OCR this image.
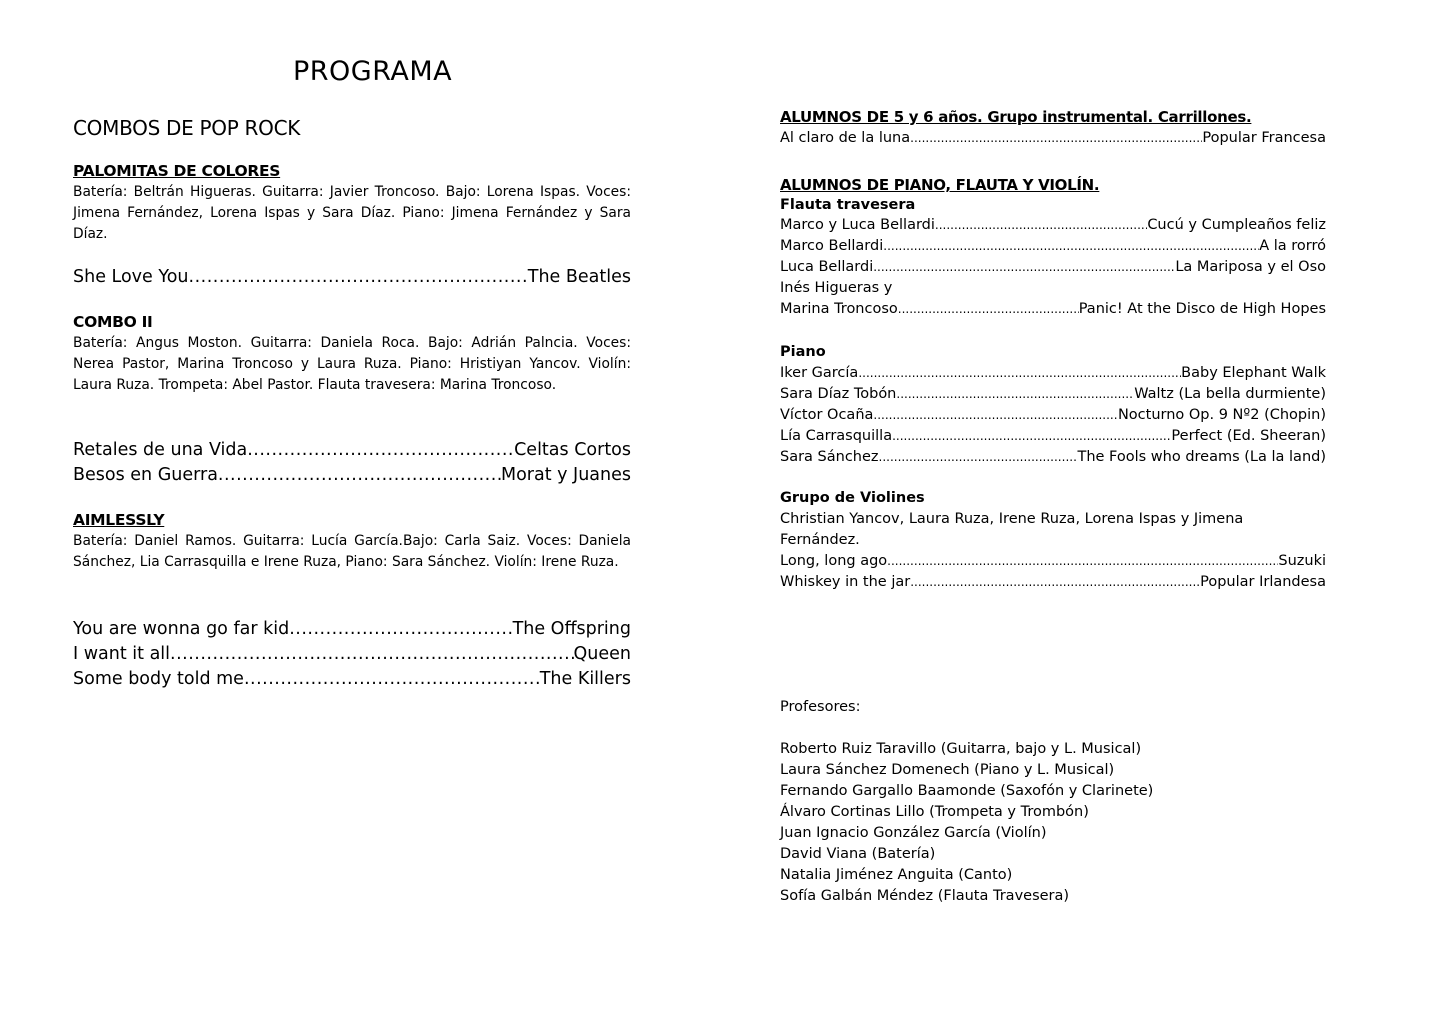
PROGRAMA
COMBOS DE POP ROCK
PALOMITAS DE COLORES
Batería: Beltrán Higueras. Guitarra: Javier Troncoso. Bajo: Lorena Ispas. Voces: Jimena Fernández, Lorena Ispas y Sara Díaz. Piano: Jimena Fernández y Sara Díaz.
She Love You .....	The Beatles
COMBO II
Batería: Angus Moston. Guitarra: Daniela Roca. Bajo: Adrián Palncia. Voces: Nerea Pastor, Marina Troncoso y Laura Ruza. Piano: Hristiyan Yancov. Violín: Laura Ruza. Trompeta: Abel Pastor. Flauta travesera: Marina Troncoso.
Retales de una Vida .....	Celtas Cortos
Besos en Guerra .....	Morat y Juanes
AIMLESSLY
Batería: Daniel Ramos. Guitarra: Lucía García.Bajo: Carla Saiz. Voces: Daniela Sánchez, Lia Carrasquilla e Irene Ruza, Piano: Sara Sánchez. Violín: Irene Ruza.
You are wonna go far kid .....	The Offspring
I want it all .....	Queen
Some body told me .....	The Killers
ALUMNOS DE 5 y 6 años. Grupo instrumental. Carrillones.
Al claro de la luna .....	Popular Francesa
ALUMNOS DE PIANO, FLAUTA Y VIOLÍN.
Flauta travesera
Marco y Luca Bellardi .....	Cucú y Cumpleaños feliz
Marco Bellardi .....	A la rorró
Luca Bellardi .....	La Mariposa y el Oso
Inés Higueras y
Marina Troncoso .....	Panic! At the Disco de High Hopes
Piano
Iker García .....	Baby Elephant Walk
Sara Díaz Tobón .....	Waltz (La bella durmiente)
Víctor Ocaña .....	Nocturno Op. 9 Nº2 (Chopin)
Lía Carrasquilla .....	Perfect (Ed. Sheeran)
Sara Sánchez .....	The Fools who dreams (La la land)
Grupo de Violines
Christian Yancov, Laura Ruza, Irene Ruza, Lorena Ispas y Jimena Fernández.
Long, long ago .....	Suzuki
Whiskey in the jar .....	Popular Irlandesa
Profesores:
Roberto Ruiz Taravillo (Guitarra, bajo y L. Musical)
Laura Sánchez Domenech (Piano y L. Musical)
Fernando Gargallo Baamonde (Saxofón y Clarinete)
Álvaro Cortinas Lillo (Trompeta y Trombón)
Juan Ignacio González García (Violín)
David Viana (Batería)
Natalia Jiménez Anguita (Canto)
Sofía Galbán Méndez (Flauta Travesera)
